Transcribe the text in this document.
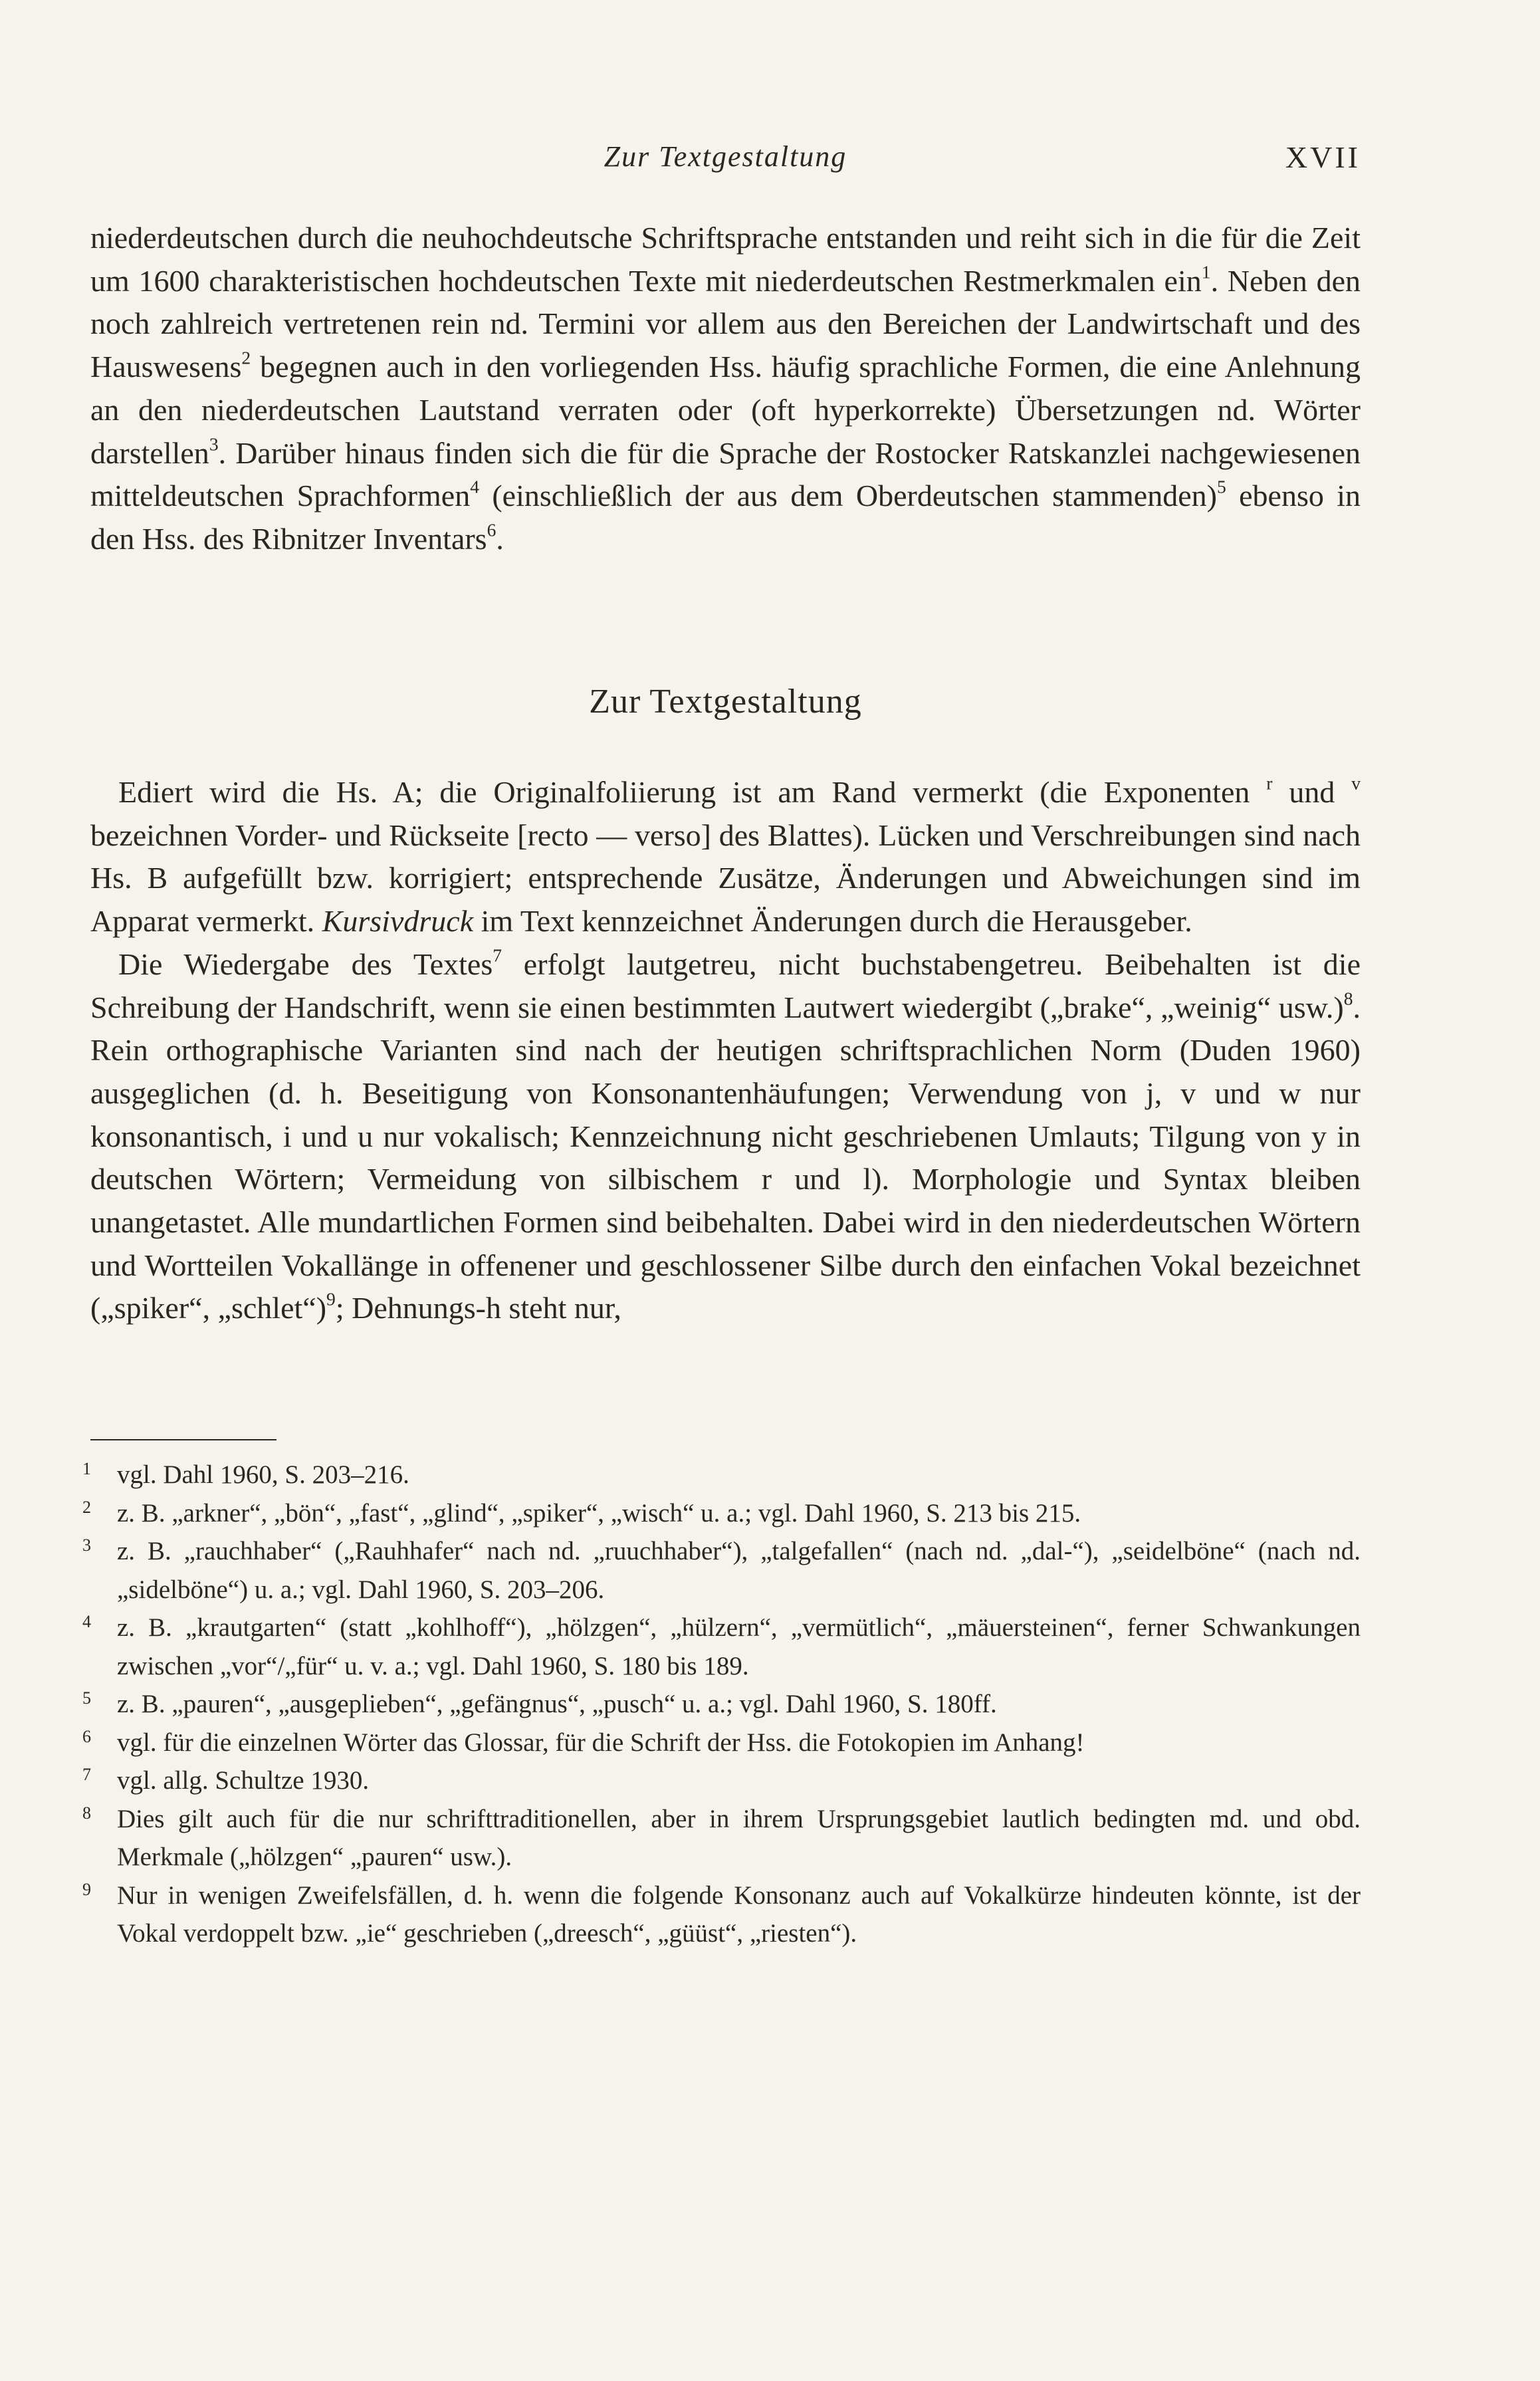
Zur Textgestaltung	XVII

niederdeutschen durch die neuhochdeutsche Schriftsprache entstanden und reiht sich in die für die Zeit um 1600 charakteristischen hochdeutschen Texte mit niederdeutschen Restmerkmalen ein$^1$. Neben den noch zahlreich vertretenen rein nd. Termini vor allem aus den Bereichen der Landwirtschaft und des Hauswesens$^2$ begegnen auch in den vorliegenden Hss. häufig sprachliche Formen, die eine Anlehnung an den niederdeutschen Lautstand verraten oder (oft hyperkorrekte) Übersetzungen nd. Wörter darstellen$^3$. Darüber hinaus finden sich die für die Sprache der Rostocker Ratskanzlei nachgewiesenen mitteldeutschen Sprachformen$^4$ (einschließlich der aus dem Oberdeutschen stammenden)$^5$ ebenso in den Hss. des Ribnitzer Inventars$^6$.

Zur Textgestaltung

Ediert wird die Hs. A; die Originalfoliierung ist am Rand vermerkt (die Exponenten $^r$ und $^v$ bezeichnen Vorder- und Rückseite [recto — verso] des Blattes). Lücken und Verschreibungen sind nach Hs. B aufgefüllt bzw. korrigiert; entsprechende Zusätze, Änderungen und Abweichungen sind im Apparat vermerkt. Kursivdruck im Text kennzeichnet Änderungen durch die Herausgeber.

Die Wiedergabe des Textes$^7$ erfolgt lautgetreu, nicht buchstabengetreu. Beibehalten ist die Schreibung der Handschrift, wenn sie einen bestimmten Lautwert wiedergibt („brake“, „weinig“ usw.)$^8$. Rein orthographische Varianten sind nach der heutigen schriftsprachlichen Norm (Duden 1960) ausgeglichen (d. h. Beseitigung von Konsonantenhäufungen; Verwendung von j, v und w nur konsonantisch, i und u nur vokalisch; Kennzeichnung nicht geschriebenen Umlauts; Tilgung von y in deutschen Wörtern; Vermeidung von silbischem r und l). Morphologie und Syntax bleiben unangetastet. Alle mundartlichen Formen sind beibehalten. Dabei wird in den niederdeutschen Wörtern und Wortteilen Vokallänge in offenener und geschlossener Silbe durch den einfachen Vokal bezeichnet („spiker“, „schlet“)$^9$; Dehnungs-h steht nur,

1 vgl. Dahl 1960, S. 203–216.
2 z. B. „arkner“, „bön“, „fast“, „glind“, „spiker“, „wisch“ u. a.; vgl. Dahl 1960, S. 213 bis 215.
3 z. B. „rauchhaber“ („Rauhhafer“ nach nd. „ruuchhaber“), „talgefallen“ (nach nd. „dal-“), „seidelböne“ (nach nd. „sidelböne“) u. a.; vgl. Dahl 1960, S. 203–206.
4 z. B. „krautgarten“ (statt „kohlhoff“), „hölzgen“, „hülzern“, „vermütlich“, „mäuersteinen“, ferner Schwankungen zwischen „vor“/„für“ u. v. a.; vgl. Dahl 1960, S. 180 bis 189.
5 z. B. „pauren“, „ausgeplieben“, „gefängnus“, „pusch“ u. a.; vgl. Dahl 1960, S. 180ff.
6 vgl. für die einzelnen Wörter das Glossar, für die Schrift der Hss. die Fotokopien im Anhang!
7 vgl. allg. Schultze 1930.
8 Dies gilt auch für die nur schrifttraditionellen, aber in ihrem Ursprungsgebiet lautlich bedingten md. und obd. Merkmale („hölzgen“ „pauren“ usw.).
9 Nur in wenigen Zweifelsfällen, d. h. wenn die folgende Konsonanz auch auf Vokalkürze hindeuten könnte, ist der Vokal verdoppelt bzw. „ie“ geschrieben („dreesch“, „güüst“, „riesten“).
